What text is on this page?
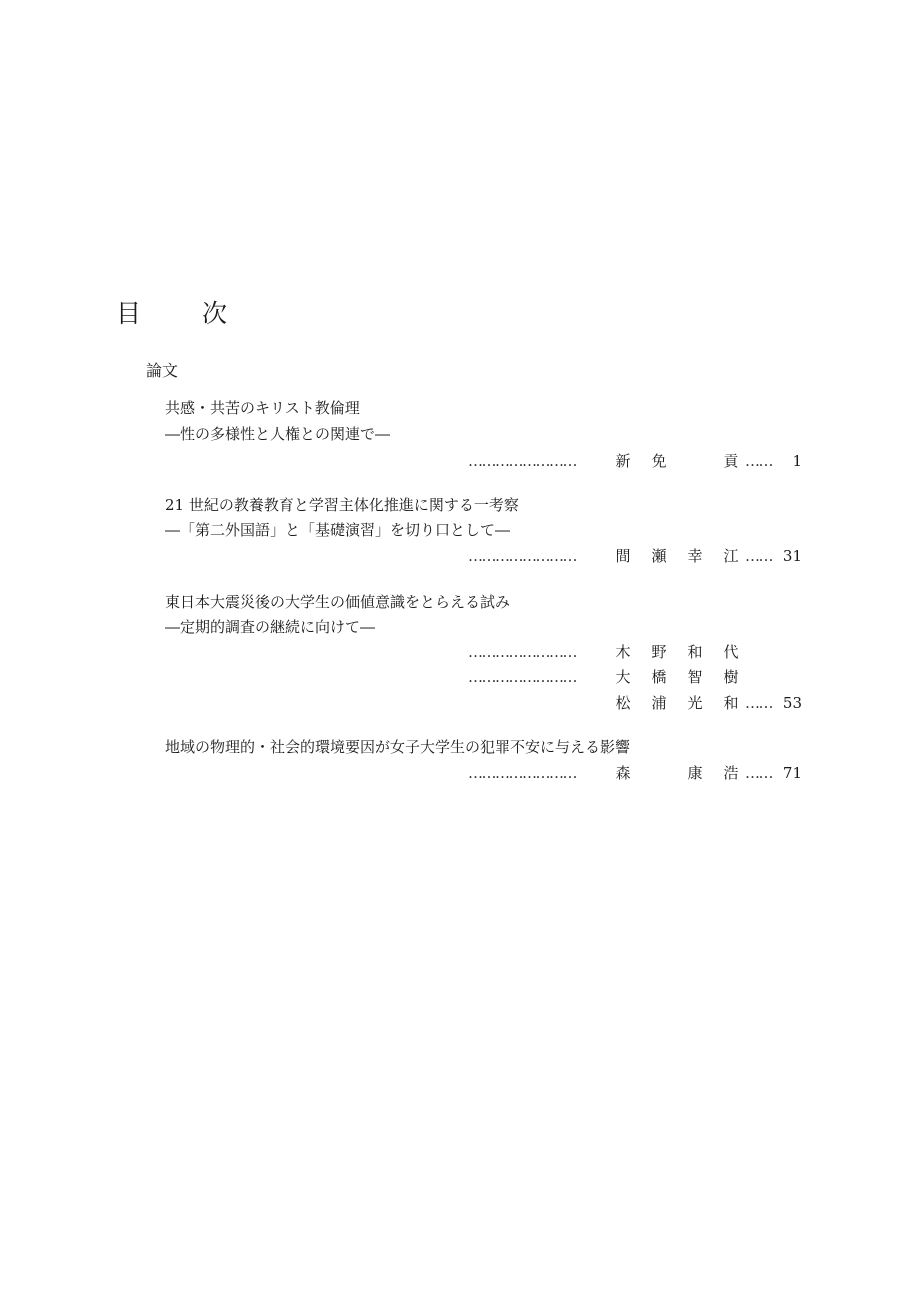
目　次
論文
共感・共苦のキリスト教倫理
―性の多様性と人権との関連で―
……………………	新 免	貢 …… 1
21 世紀の教養教育と学習主体化推進に関する一考察
―「第二外国語」と「基礎演習」を切り口として―
……………………	間 瀬 幸 江 …… 31
東日本大震災後の大学生の価値意識をとらえる試み
―定期的調査の継続に向けて―
……………………	木 野 和 代
……………………	大 橋 智 樹
松 浦 光 和 …… 53
地域の物理的・社会的環境要因が女子大学生の犯罪不安に与える影響
……………………	森	康 浩 …… 71
